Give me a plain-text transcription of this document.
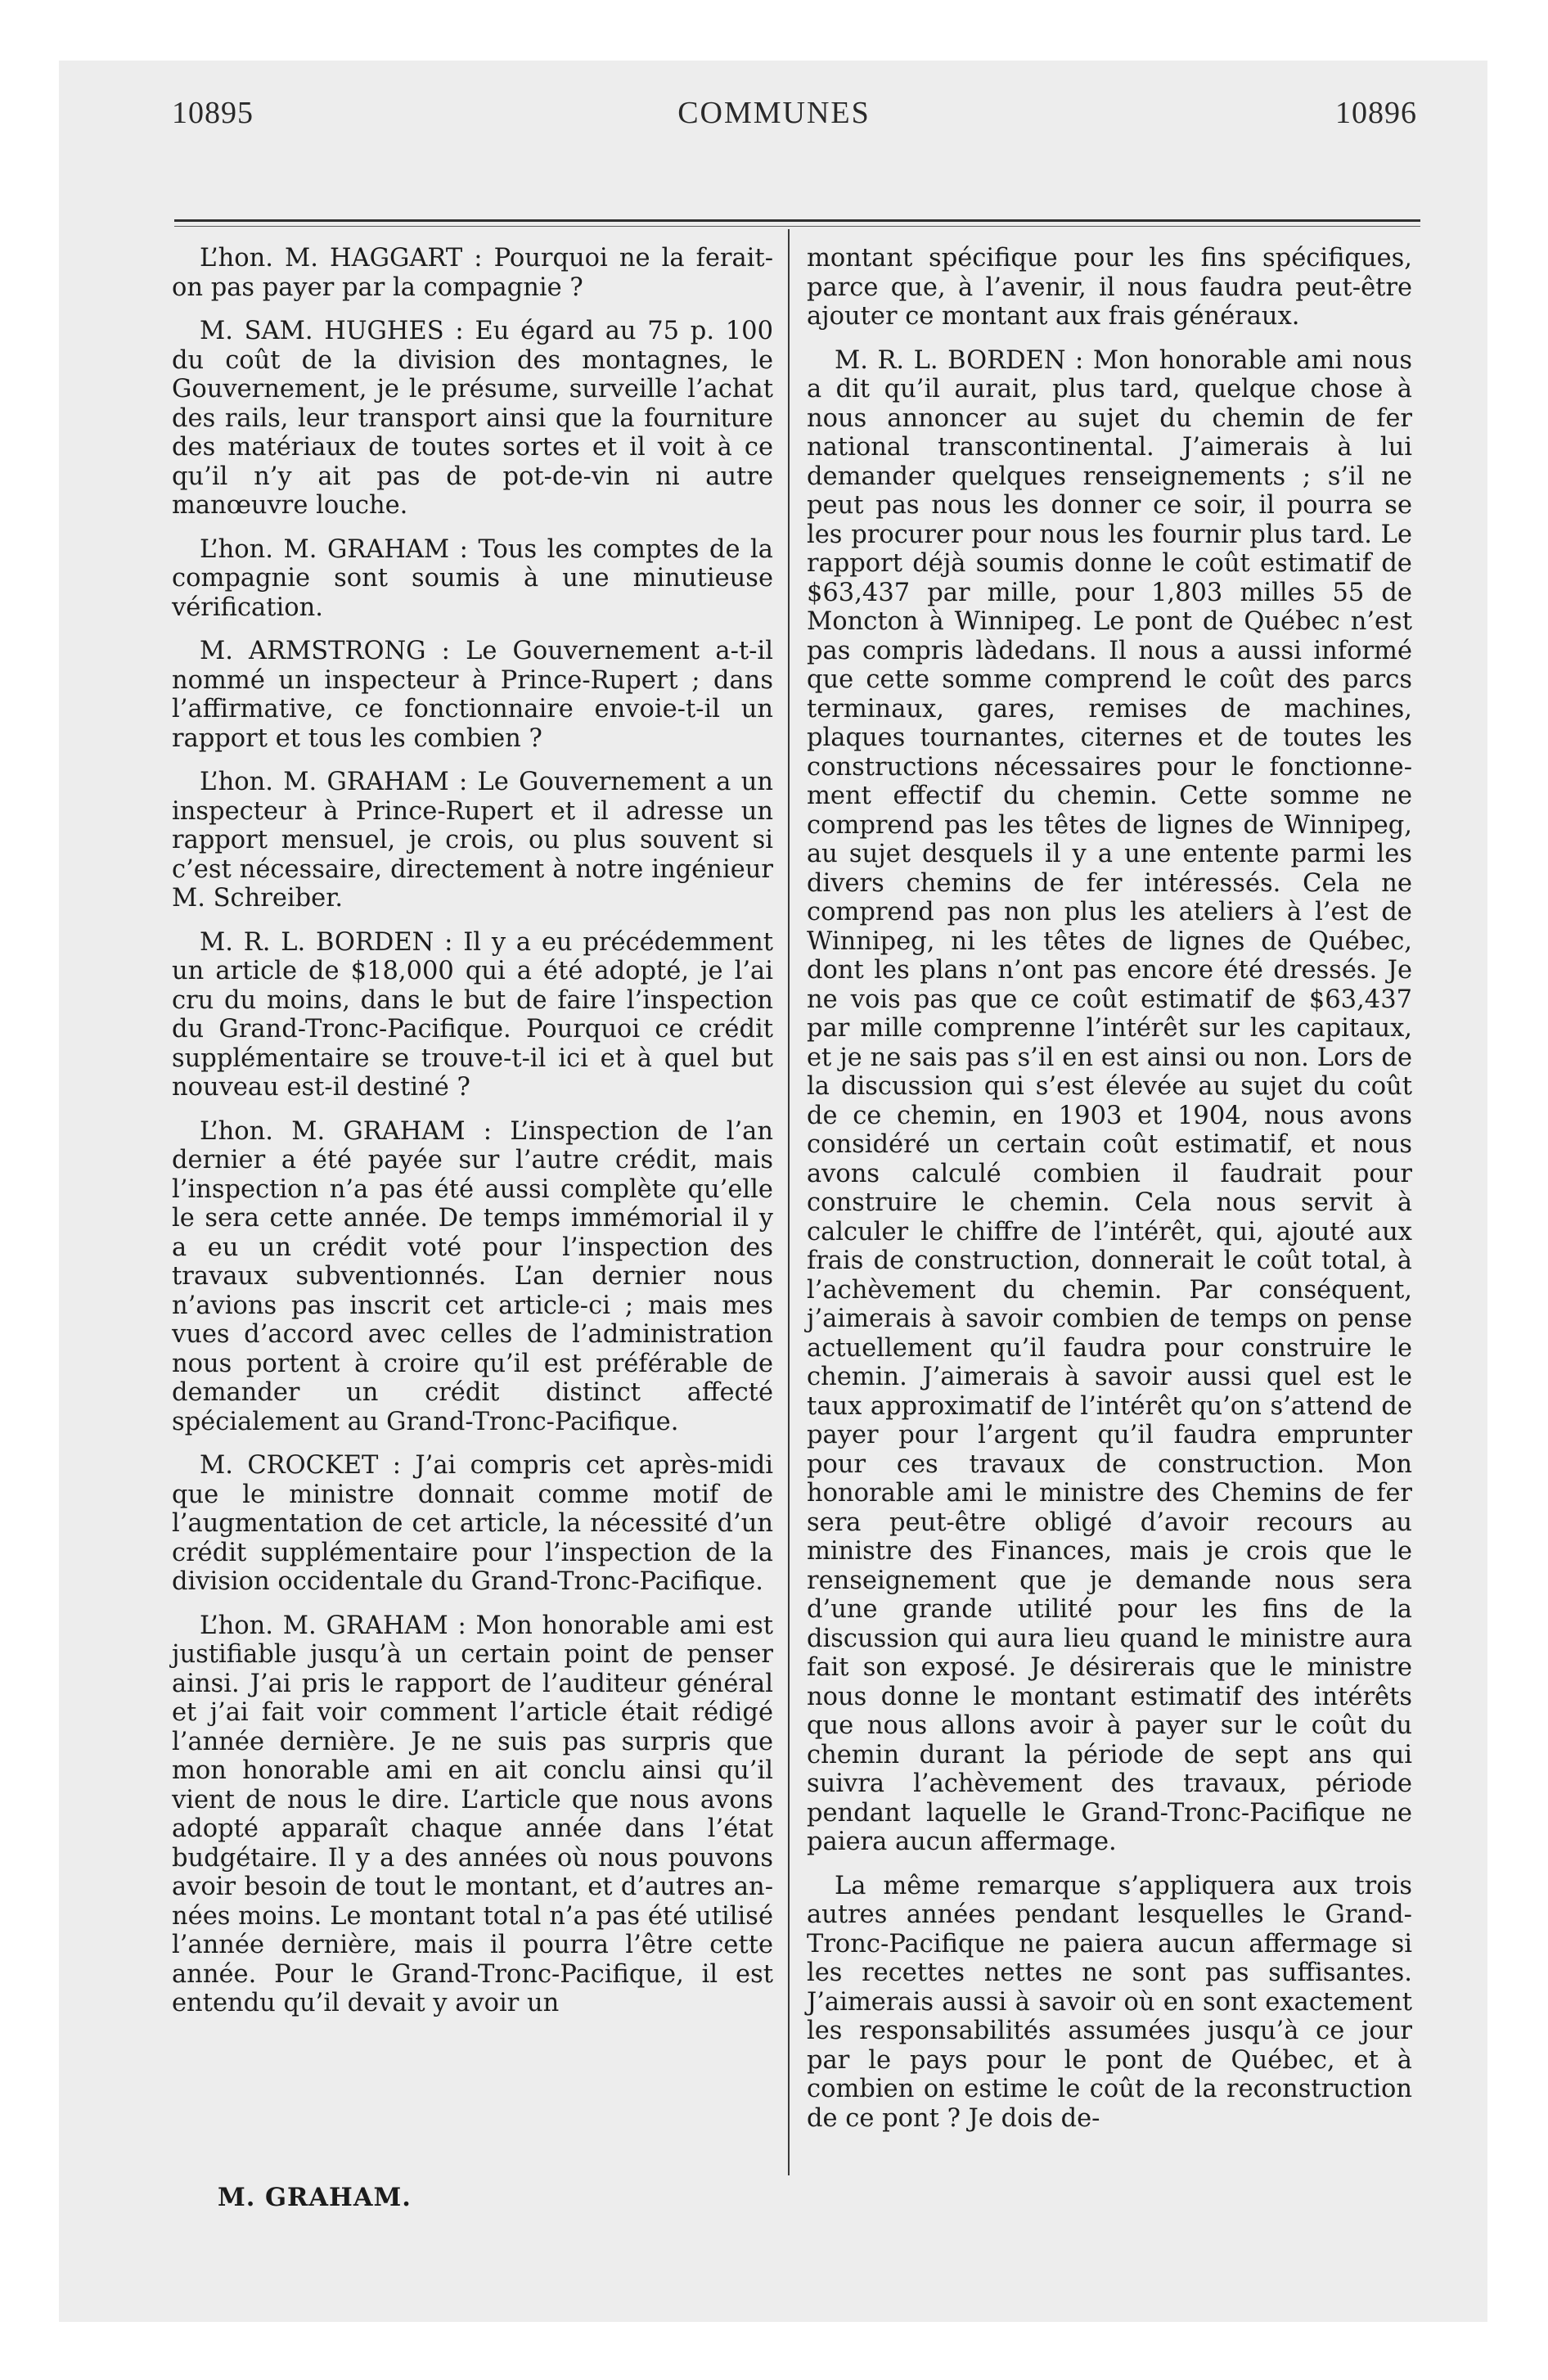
10895	COMMUNES	10896

L’hon. M. HAGGART : Pourquoi ne la ferait-on pas payer par la compagnie ?

M. SAM. HUGHES : Eu égard au 75 p. 100 du coût de la division des montagnes, le Gouvernement, je le présume, surveille l’achat des rails, leur transport ainsi que la fourniture des matériaux de toutes sortes et il voit à ce qu’il n’y ait pas de pot-de-vin ni autre manœuvre louche.

L’hon. M. GRAHAM : Tous les comptes de la compagnie sont soumis à une minutieuse vérification.

M. ARMSTRONG : Le Gouvernement a-t-il nommé un inspecteur à Prince-Rupert ; dans l’affirmative, ce fonctionnaire envoie-t-il un rapport et tous les combien ?

L’hon. M. GRAHAM : Le Gouvernement a un inspecteur à Prince-Rupert et il adresse un rapport mensuel, je crois, ou plus souvent si c’est nécessaire, directement à notre ingénieur M. Schreiber.

M. R. L. BORDEN : Il y a eu précédemment un article de $18,000 qui a été adopté, je l’ai cru du moins, dans le but de faire l’inspection du Grand-Tronc-Pacifique. Pourquoi ce crédit supplémentaire se trouve-t-il ici et à quel but nouveau est-il destiné ?

L’hon. M. GRAHAM : L’inspection de l’an dernier a été payée sur l’autre crédit, mais l’inspection n’a pas été aussi complète qu’elle le sera cette année. De temps immémorial il y a eu un crédit voté pour l’inspection des travaux subventionnés. L’an dernier nous n’avions pas inscrit cet article-ci ; mais mes vues d’accord avec celles de l’administration nous portent à croire qu’il est préférable de demander un crédit distinct affecté spécialement au Grand-Tronc-Pacifique.

M. CROCKET : J’ai compris cet après-midi que le ministre donnait comme motif de l’augmentation de cet article, la nécessité d’un crédit supplémentaire pour l’inspection de la division occidentale du Grand-Tronc-Pacifique.

L’hon. M. GRAHAM : Mon honorable ami est justifiable jusqu’à un certain point de penser ainsi. J’ai pris le rapport de l’auditeur général et j’ai fait voir comment l’article était rédigé l’année dernière. Je ne suis pas surpris que mon honorable ami en ait conclu ainsi qu’il vient de nous le dire. L’article que nous avons adopté apparaît chaque année dans l’état budgétaire. Il y a des années où nous pouvons avoir besoin de tout le montant, et d’autres années moins. Le montant total n’a pas été utilisé l’année dernière, mais il pourra l’être cette année. Pour le Grand-Tronc-Pacifique, il est entendu qu’il devait y avoir un

M. GRAHAM.

montant spécifique pour les fins spécifiques, parce que, à l’avenir, il nous faudra peut-être ajouter ce montant aux frais généraux.

M. R. L. BORDEN : Mon honorable ami nous a dit qu’il aurait, plus tard, quelque chose à nous annoncer au sujet du chemin de fer national transcontinental. J’aimerais à lui demander quelques renseignements ; s’il ne peut pas nous les donner ce soir, il pourra se les procurer pour nous les fournir plus tard. Le rapport déjà soumis donne le coût estimatif de $63,437 par mille, pour 1,803 milles 55 de Moncton à Winnipeg. Le pont de Québec n’est pas compris làdedans. Il nous a aussi informé que cette somme comprend le coût des parcs terminaux, gares, remises de machines, plaques tournantes, citernes et de toutes les constructions nécessaires pour le fonctionnement effectif du chemin. Cette somme ne comprend pas les têtes de lignes de Winnipeg, au sujet desquels il y a une entente parmi les divers chemins de fer intéressés. Cela ne comprend pas non plus les ateliers à l’est de Winnipeg, ni les têtes de lignes de Québec, dont les plans n’ont pas encore été dressés. Je ne vois pas que ce coût estimatif de $63,437 par mille comprenne l’intérêt sur les capitaux, et je ne sais pas s’il en est ainsi ou non. Lors de la discussion qui s’est élevée au sujet du coût de ce chemin, en 1903 et 1904, nous avons considéré un certain coût estimatif, et nous avons calculé combien il faudrait pour construire le chemin. Cela nous servit à calculer le chiffre de l’intérêt, qui, ajouté aux frais de construction, donnerait le coût total, à l’achèvement du chemin. Par conséquent, j’aimerais à savoir combien de temps on pense actuellement qu’il faudra pour construire le chemin. J’aimerais à savoir aussi quel est le taux approximatif de l’intérêt qu’on s’attend de payer pour l’argent qu’il faudra emprunter pour ces travaux de construction. Mon honorable ami le ministre des Chemins de fer sera peut-être obligé d’avoir recours au ministre des Finances, mais je crois que le renseignement que je demande nous sera d’une grande utilité pour les fins de la discussion qui aura lieu quand le ministre aura fait son exposé. Je désirerais que le ministre nous donne le montant estimatif des intérêts que nous allons avoir à payer sur le coût du chemin durant la période de sept ans qui suivra l’achèvement des travaux, période pendant laquelle le Grand-Tronc-Pacifique ne paiera aucun affermage.

La même remarque s’appliquera aux trois autres années pendant lesquelles le Grand-Tronc-Pacifique ne paiera aucun affermage si les recettes nettes ne sont pas suffisantes. J’aimerais aussi à savoir où en sont exactement les responsabilités assumées jusqu’à ce jour par le pays pour le pont de Québec, et à combien on estime le coût de la reconstruction de ce pont ? Je dois de-
